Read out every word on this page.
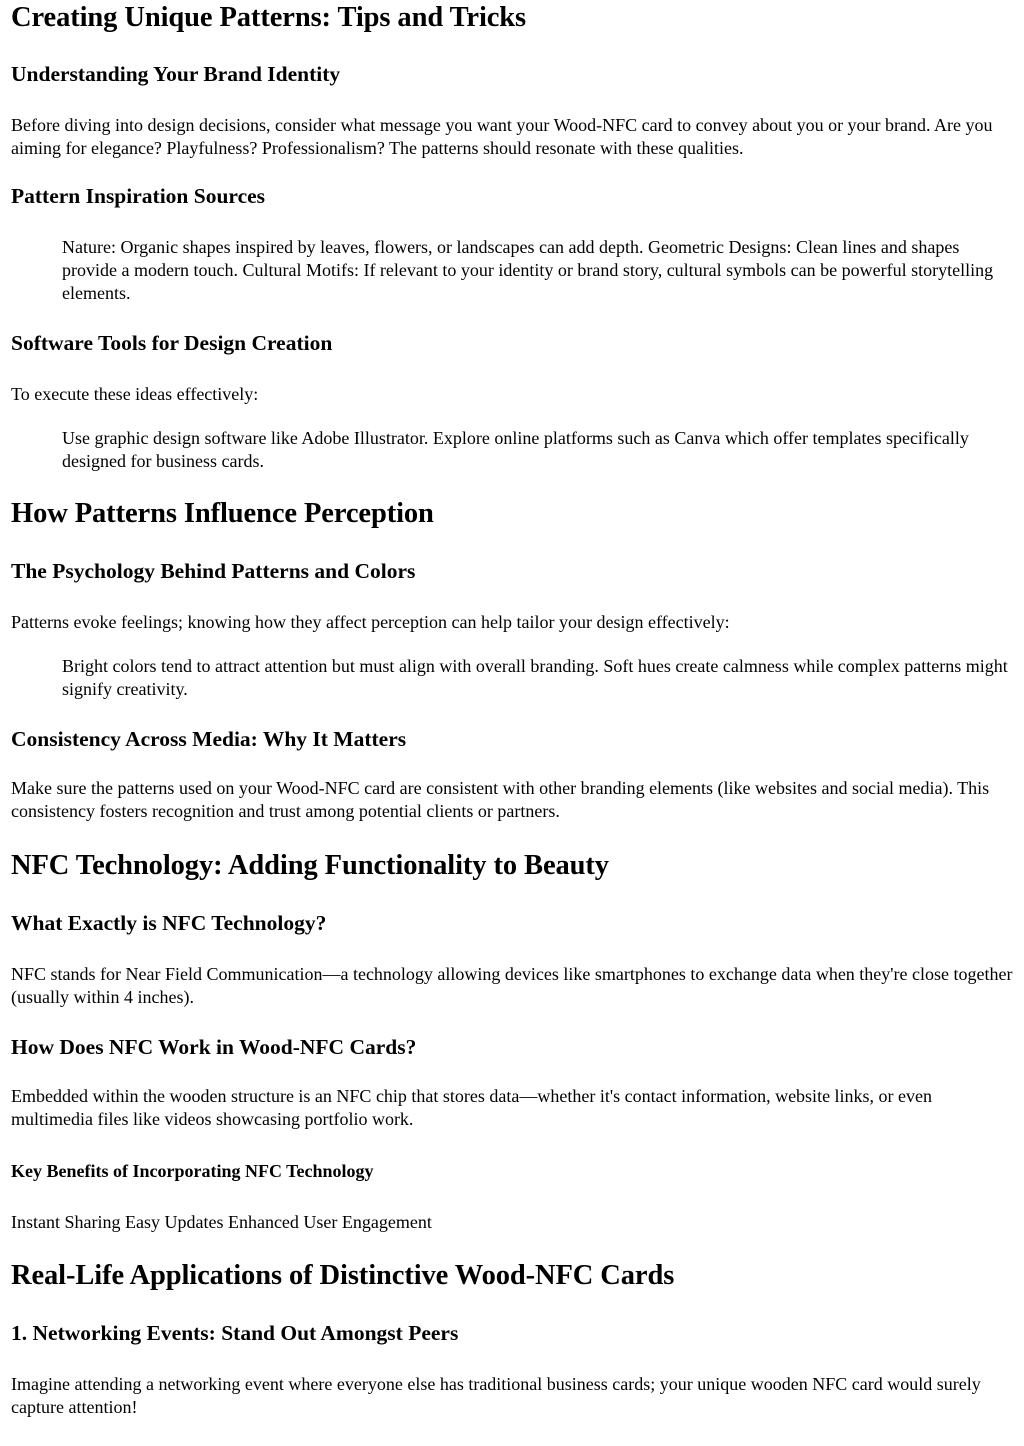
Creating Unique Patterns: Tips and Tricks
Understanding Your Brand Identity

Before diving into design decisions, consider what message you want your Wood-NFC card to convey about you or your brand. Are you aiming for elegance? Playfulness? Professionalism? The patterns should resonate with these qualities.

Pattern Inspiration Sources
Nature: Organic shapes inspired by leaves, flowers, or landscapes can add depth. Geometric Designs: Clean lines and shapes provide a modern touch. Cultural Motifs: If relevant to your identity or brand story, cultural symbols can be powerful storytelling elements.
Software Tools for Design Creation

To execute these ideas effectively:

Use graphic design software like Adobe Illustrator. Explore online platforms such as Canva which offer templates specifically designed for business cards.
How Patterns Influence Perception
The Psychology Behind Patterns and Colors

Patterns evoke feelings; knowing how they affect perception can help tailor your design effectively:

Bright colors tend to attract attention but must align with overall branding. Soft hues create calmness while complex patterns might signify creativity.
Consistency Across Media: Why It Matters

Make sure the patterns used on your Wood-NFC card are consistent with other branding elements (like websites and social media). This consistency fosters recognition and trust among potential clients or partners.

NFC Technology: Adding Functionality to Beauty
What Exactly is NFC Technology?

NFC stands for Near Field Communication—a technology allowing devices like smartphones to exchange data when they're close together (usually within 4 inches).

How Does NFC Work in Wood-NFC Cards?

Embedded within the wooden structure is an NFC chip that stores data—whether it's contact information, website links, or even multimedia files like videos showcasing portfolio work.

Key Benefits of Incorporating NFC Technology

Instant Sharing Easy Updates Enhanced User Engagement

Real-Life Applications of Distinctive Wood-NFC Cards
1. Networking Events: Stand Out Amongst Peers

Imagine attending a networking event where everyone else has traditional business cards; your unique wooden NFC card would surely capture attention!
